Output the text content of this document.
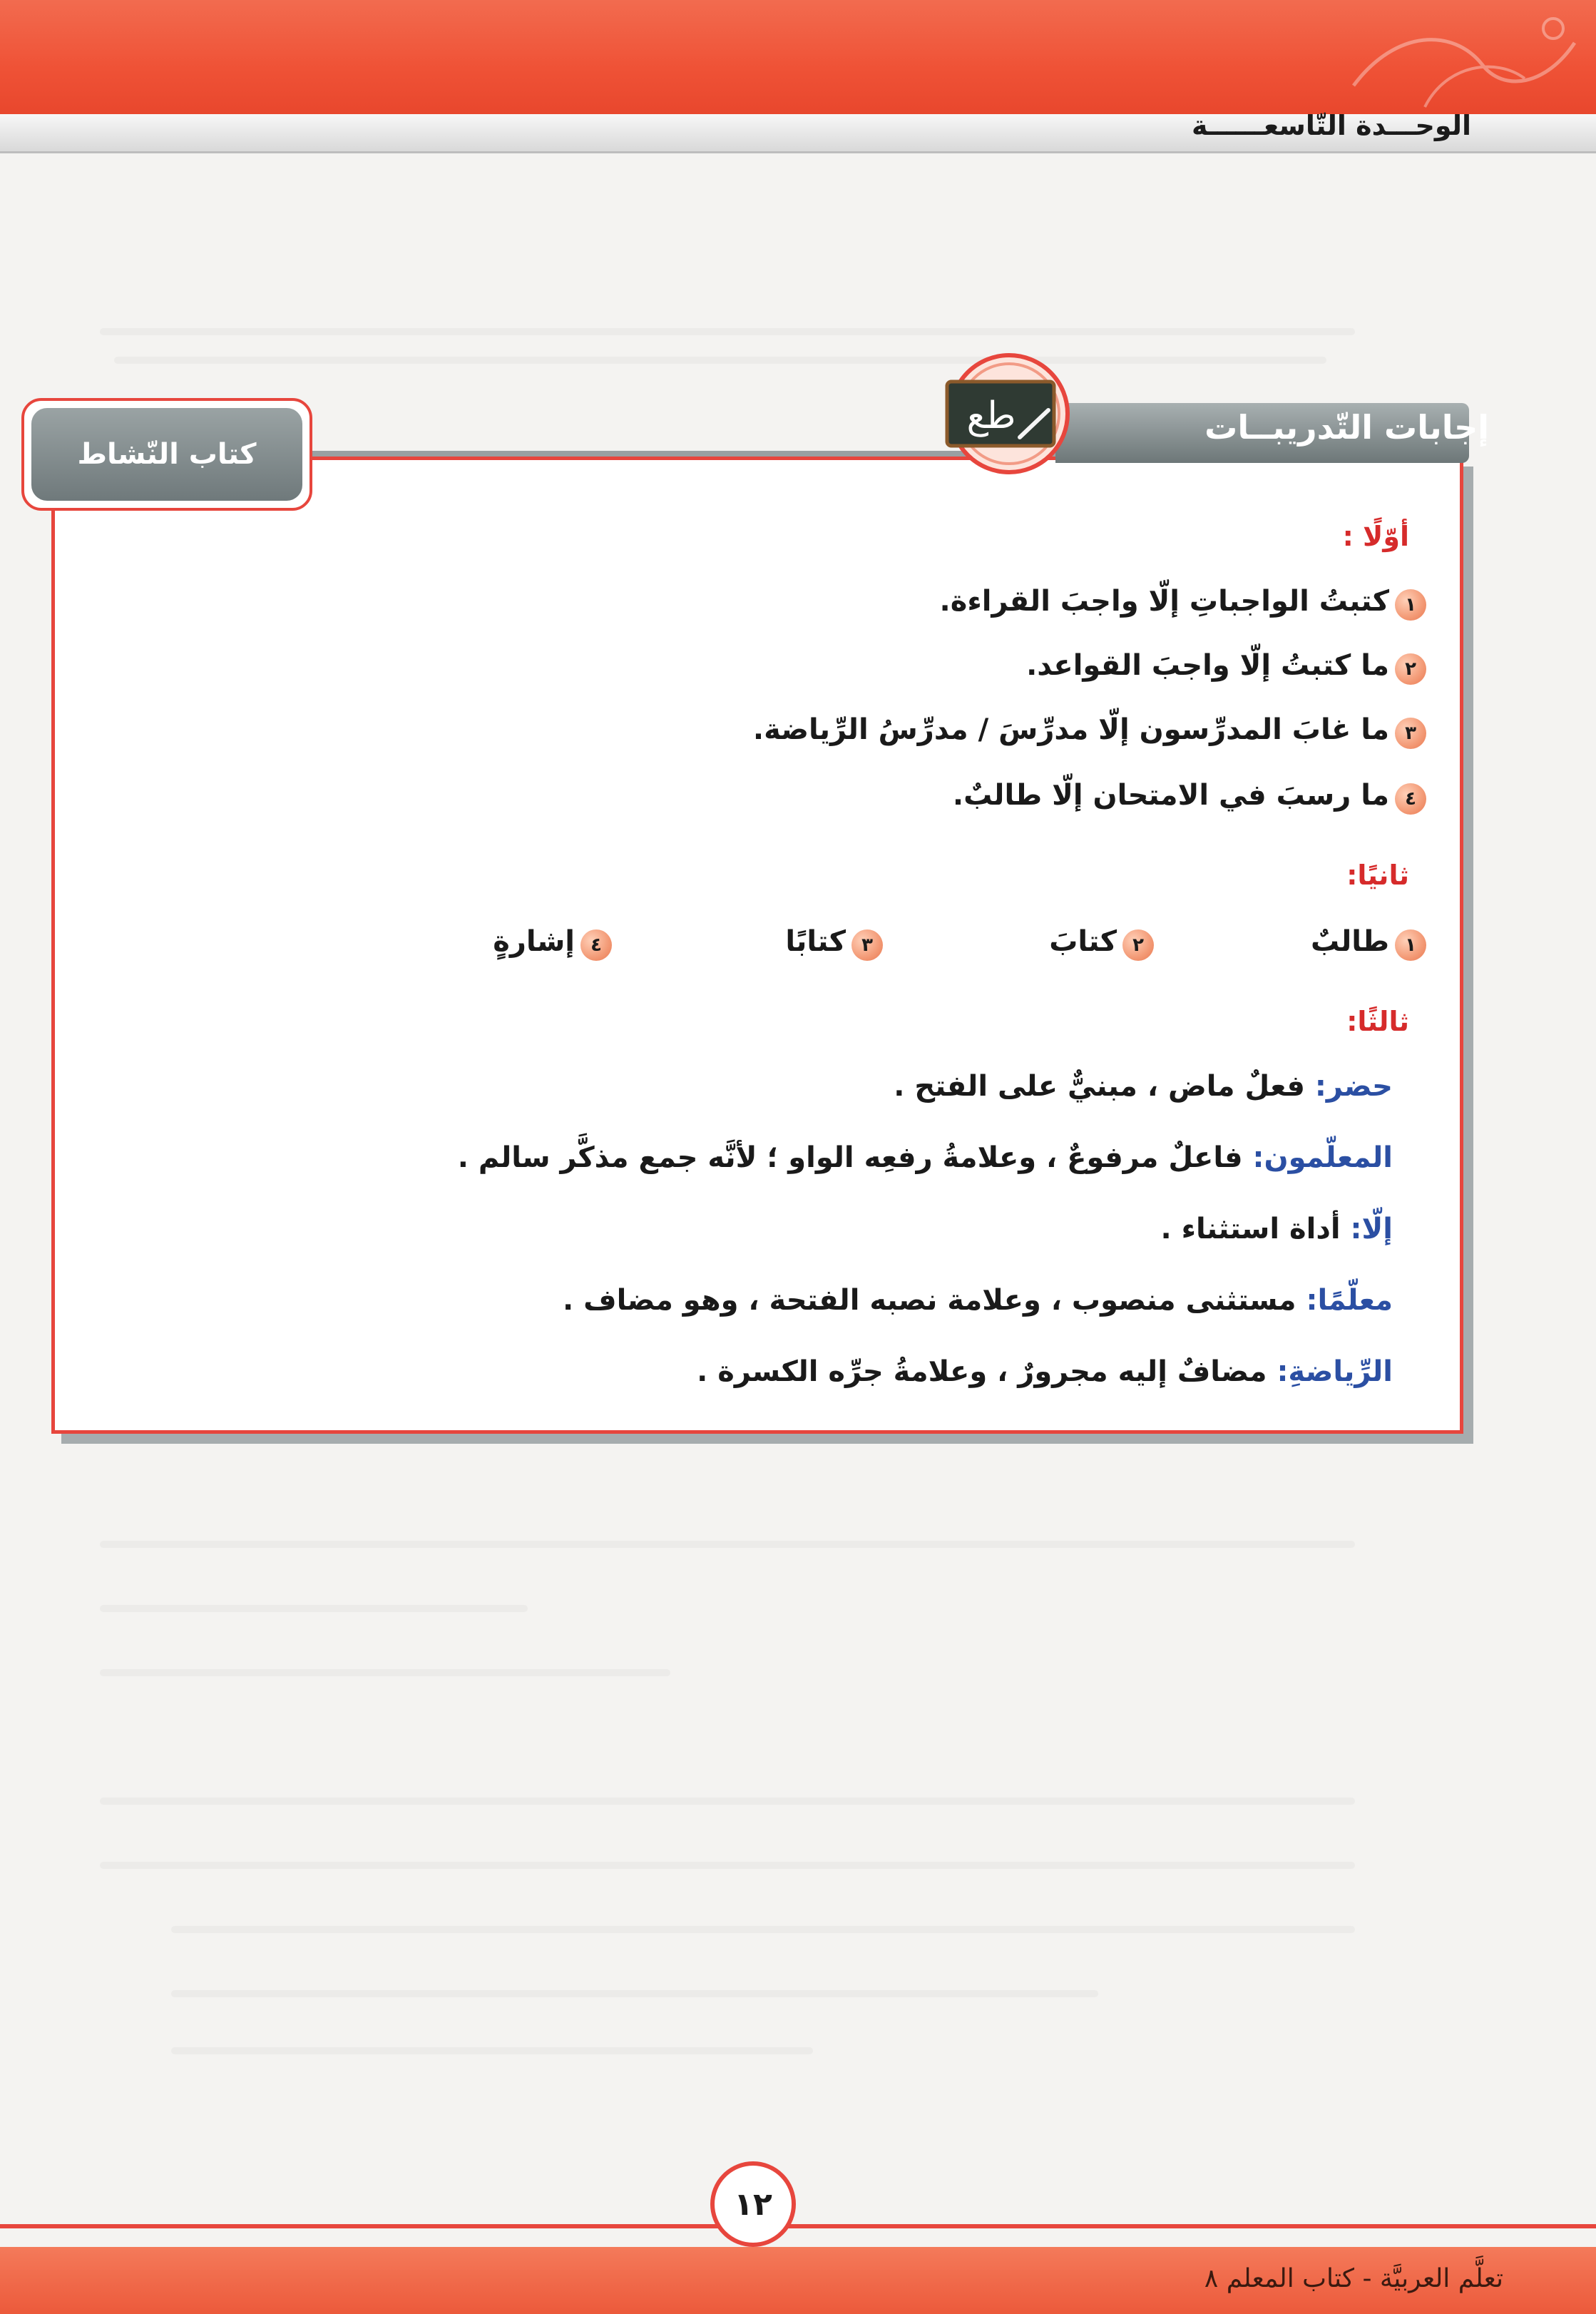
الوحـــدة التّاسعــــــة
إجابات التّدريبــات
طع
كتاب النّشاط
أوّلًا :
١
كتبتُ الواجباتِ إلّا واجبَ القراءة.
٢
ما كتبتُ إلّا واجبَ القواعد.
٣
ما غابَ المدرِّسون إلّا مدرِّسَ / مدرِّسُ الرِّياضة.
٤
ما رسبَ في الامتحان إلّا طالبٌ.
ثانيًا:
١
طالبٌ
٢
كتابَ
٣
كتابًا
٤
إشارةٍ
ثالثًا:
حضر: فعلٌ ماض ، مبنيٌّ على الفتح .
المعلّمون: فاعلٌ مرفوعٌ ، وعلامةُ رفعِه الواو ؛ لأنَّه جمع مذكَّر سالم .
إلّا: أداة استثناء .
معلّمًا: مستثنى منصوب ، وعلامة نصبه الفتحة ، وهو مضاف .
الرِّياضةِ: مضافٌ إليه مجرورٌ ، وعلامةُ جرِّه الكسرة .
١٢
تعلَّم العربيَّة - كتاب المعلم ٨
